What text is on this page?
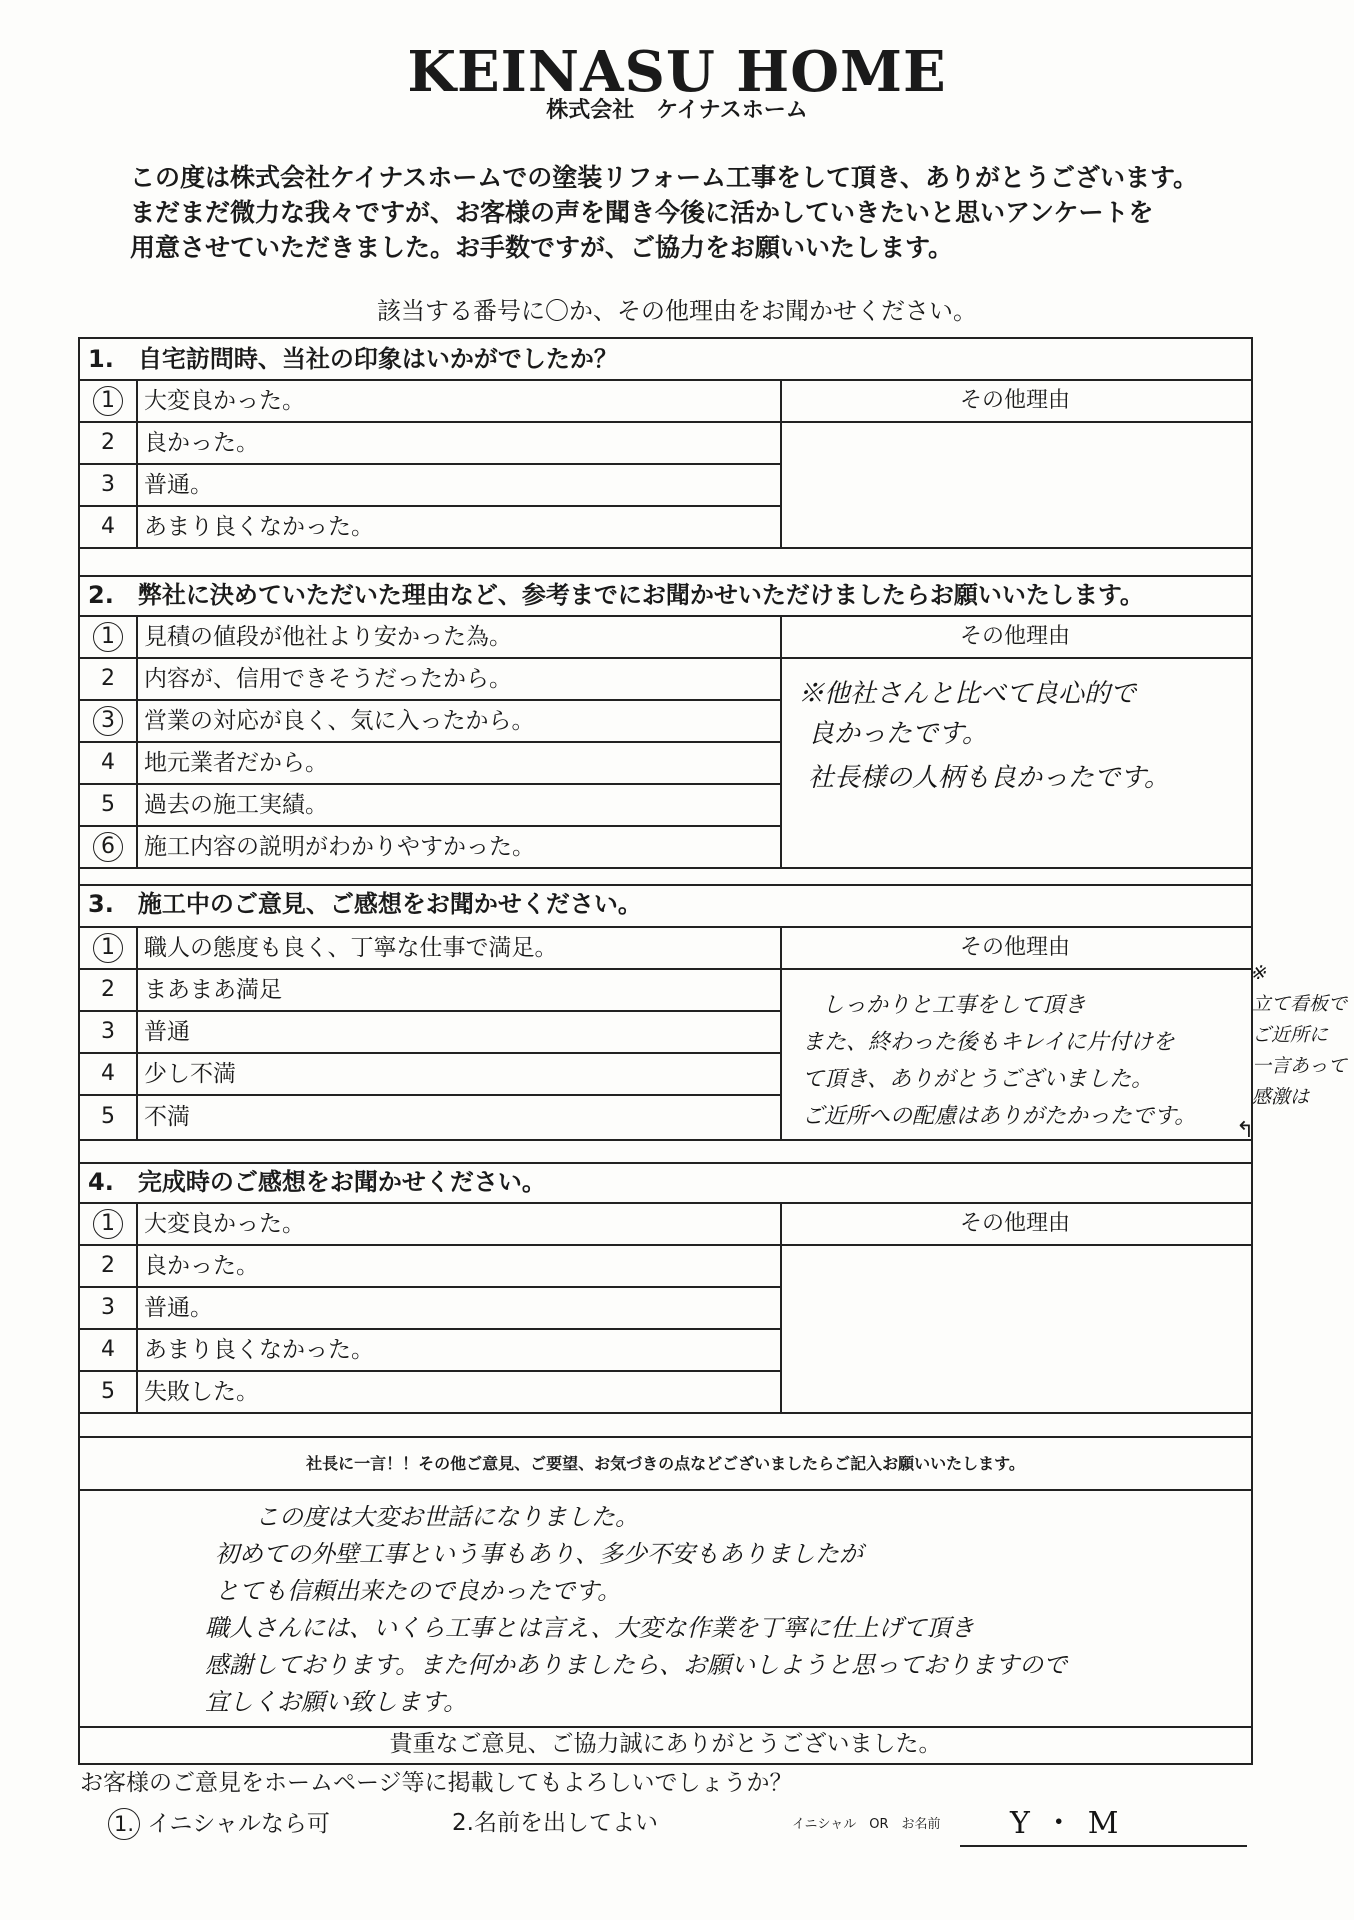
KEINASU HOME
株式会社　ケイナスホーム
この度は株式会社ケイナスホームでの塗装リフォーム工事をして頂き、ありがとうございます。
まだまだ微力な我々ですが、お客様の声を聞き今後に活かしていきたいと思いアンケートを
用意させていただきました。お手数ですが、ご協力をお願いいたします。
該当する番号に〇か、その他理由をお聞かせください。
1.　自宅訪問時、当社の印象はいかがでしたか？
その他理由
1	大変良かった。
2	良かった。
3	普通。
4	あまり良くなかった。
2.　弊社に決めていただいた理由など、参考までにお聞かせいただけましたらお願いいたします。
その他理由
1	見積の値段が他社より安かった為。
2	内容が、信用できそうだったから。
3	営業の対応が良く、気に入ったから。
4	地元業者だから。
5	過去の施工実績。
6	施工内容の説明がわかりやすかった。
※他社さんと比べて良心的で
良かったです。
社長様の人柄も良かったです。
3.　施工中のご意見、ご感想をお聞かせください。
その他理由
1	職人の態度も良く、丁寧な仕事で満足。
2	まあまあ満足
3	普通
4	少し不満
5	不満
しっかりと工事をして頂き
また、終わった後もキレイに片付けを
て頂き、ありがとうございました。
ご近所への配慮はありがたかったです。
4.　完成時のご感想をお聞かせください。
その他理由
1	大変良かった。
2	良かった。
3	普通。
4	あまり良くなかった。
5	失敗した。
社長に一言！！その他ご意見、ご要望、お気づきの点などございましたらご記入お願いいたします。
この度は大変お世話になりました。
初めての外壁工事という事もあり、多少不安もありましたが
とても信頼出来たので良かったです。
職人さんには、いくら工事とは言え、大変な作業を丁寧に仕上げて頂き
感謝しております。また何かありましたら、お願いしようと思っておりますので
宜しくお願い致します。
貴重なご意見、ご協力誠にありがとうございました。
※
立て看板で
ご近所に
一言あって
感激は
↰
お客様のご意見をホームページ等に掲載してもよろしいでしょうか？
1. イニシャルなら可	2.名前を出してよい	イニシャル　OR　お名前 Y・M
